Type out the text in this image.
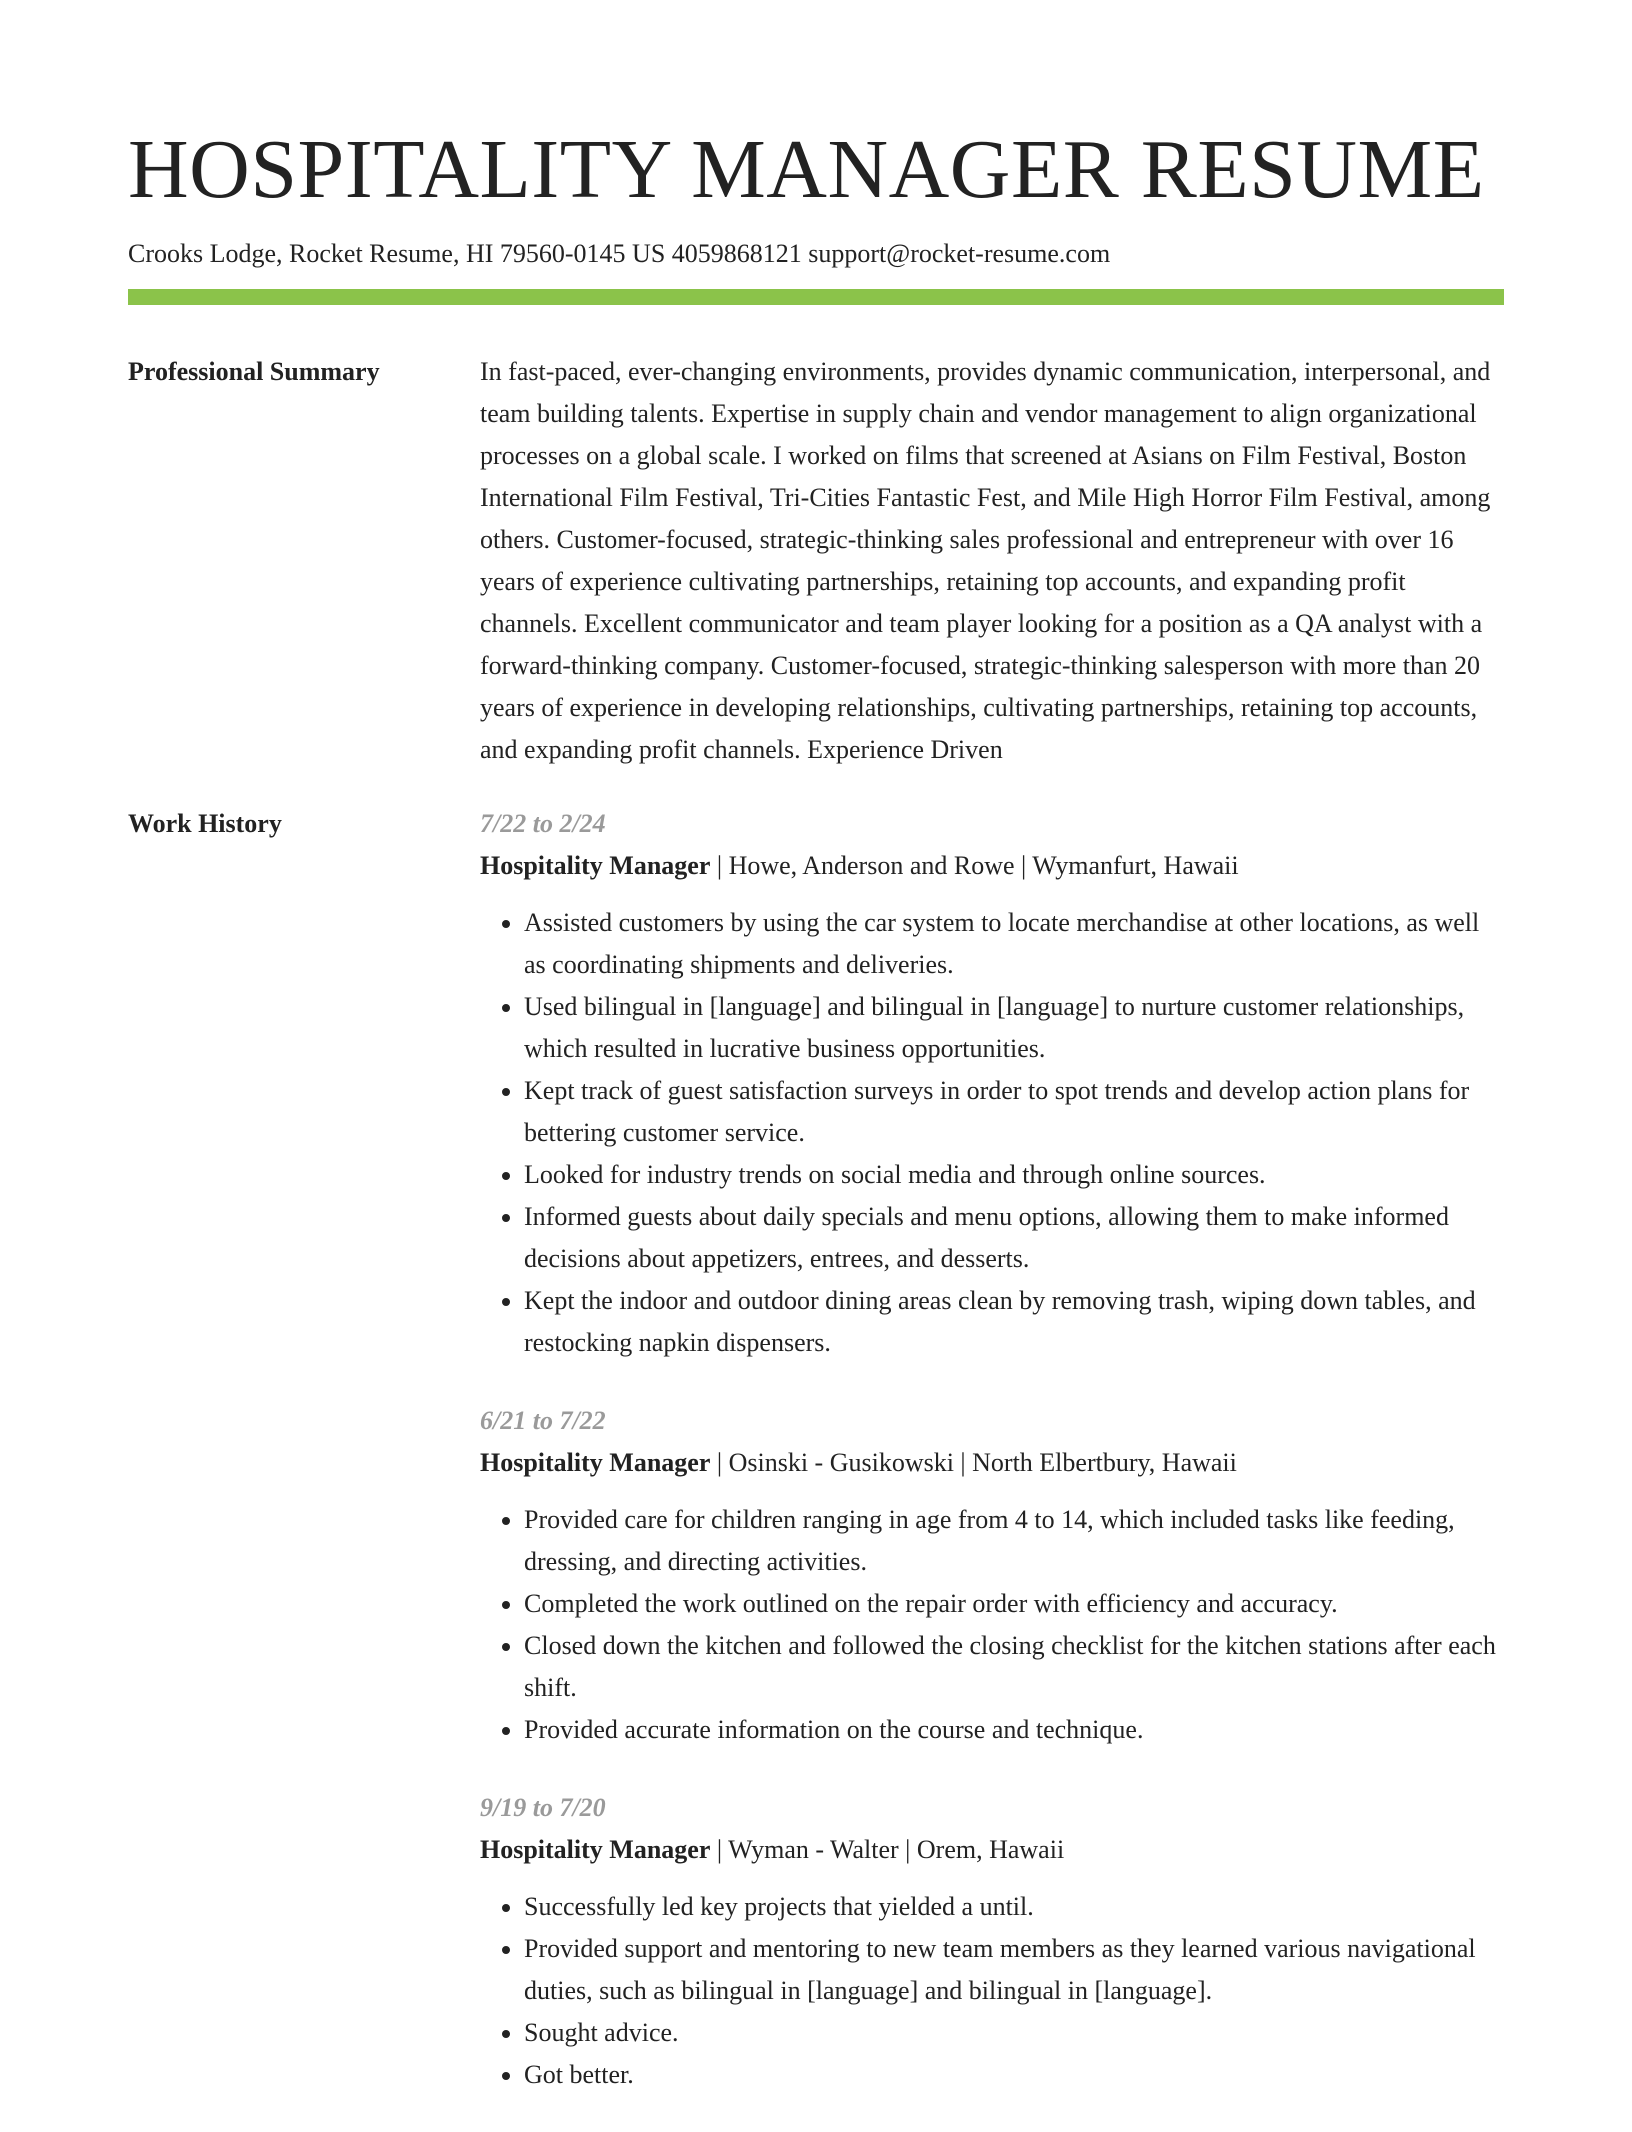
HOSPITALITY MANAGER RESUME
Crooks Lodge, Rocket Resume, HI 79560-0145 US 4059868121 support@rocket-resume.com
Professional Summary	In fast-paced, ever-changing environments, provides dynamic communication, interpersonal, and team building talents. Expertise in supply chain and vendor management to align organizational processes on a global scale. I worked on films that screened at Asians on Film Festival, Boston International Film Festival, Tri-Cities Fantastic Fest, and Mile High Horror Film Festival, among others. Customer-focused, strategic-thinking sales professional and entrepreneur with over 16 years of experience cultivating partnerships, retaining top accounts, and expanding profit channels. Excellent communicator and team player looking for a position as a QA analyst with a forward-thinking company. Customer-focused, strategic-thinking salesperson with more than 20 years of experience in developing relationships, cultivating partnerships, retaining top accounts, and expanding profit channels. Experience Driven

Work History	7/22 to 2/24
Hospitality Manager | Howe, Anderson and Rowe | Wymanfurt, Hawaii
• Assisted customers by using the car system to locate merchandise at other locations, as well as coordinating shipments and deliveries.
• Used bilingual in [language] and bilingual in [language] to nurture customer relationships, which resulted in lucrative business opportunities.
• Kept track of guest satisfaction surveys in order to spot trends and develop action plans for bettering customer service.
• Looked for industry trends on social media and through online sources.
• Informed guests about daily specials and menu options, allowing them to make informed decisions about appetizers, entrees, and desserts.
• Kept the indoor and outdoor dining areas clean by removing trash, wiping down tables, and restocking napkin dispensers.
6/21 to 7/22
Hospitality Manager | Osinski - Gusikowski | North Elbertbury, Hawaii
• Provided care for children ranging in age from 4 to 14, which included tasks like feeding, dressing, and directing activities.
• Completed the work outlined on the repair order with efficiency and accuracy.
• Closed down the kitchen and followed the closing checklist for the kitchen stations after each shift.
• Provided accurate information on the course and technique.
9/19 to 7/20
Hospitality Manager | Wyman - Walter | Orem, Hawaii
• Successfully led key projects that yielded a until.
• Provided support and mentoring to new team members as they learned various navigational duties, such as bilingual in [language] and bilingual in [language].
• Sought advice.
• Got better.
